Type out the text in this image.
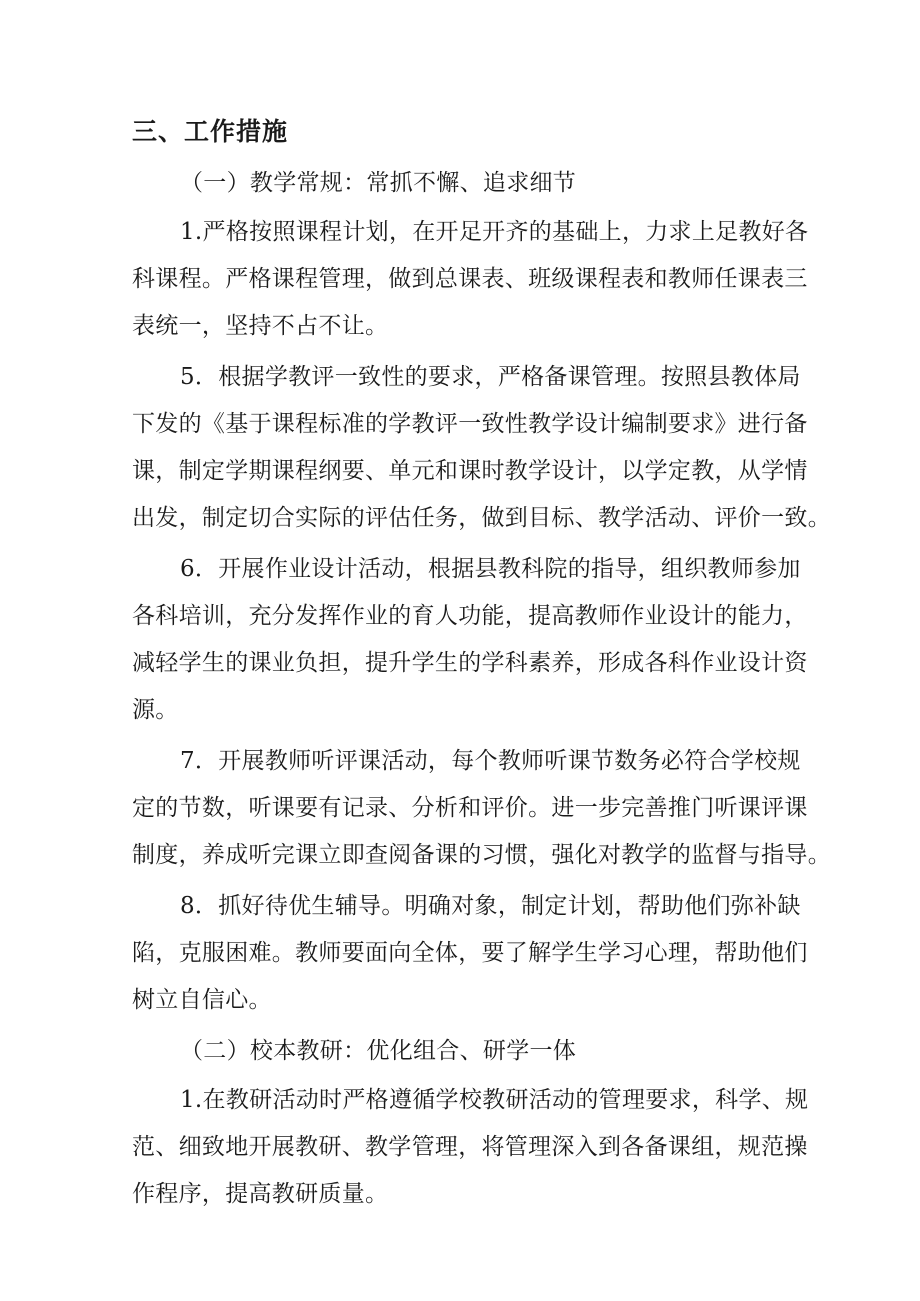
三、工作措施
（一）教学常规：常抓不懈、追求细节
1.严格按照课程计划，在开足开齐的基础上，力求上足教好各
科课程。严格课程管理，做到总课表、班级课程表和教师任课表三
表统一，坚持不占不让。
5．根据学教评一致性的要求，严格备课管理。按照县教体局
下发的《基于课程标准的学教评一致性教学设计编制要求》进行备
课，制定学期课程纲要、单元和课时教学设计，以学定教，从学情
出发，制定切合实际的评估任务，做到目标、教学活动、评价一致。
6．开展作业设计活动，根据县教科院的指导，组织教师参加
各科培训，充分发挥作业的育人功能，提高教师作业设计的能力，
减轻学生的课业负担，提升学生的学科素养，形成各科作业设计资
源。
7．开展教师听评课活动，每个教师听课节数务必符合学校规
定的节数，听课要有记录、分析和评价。进一步完善推门听课评课
制度，养成听完课立即查阅备课的习惯，强化对教学的监督与指导。
8．抓好待优生辅导。明确对象，制定计划，帮助他们弥补缺
陷，克服困难。教师要面向全体，要了解学生学习心理，帮助他们
树立自信心。
（二）校本教研：优化组合、研学一体
1.在教研活动时严格遵循学校教研活动的管理要求，科学、规
范、细致地开展教研、教学管理，将管理深入到各备课组，规范操
作程序，提高教研质量。
